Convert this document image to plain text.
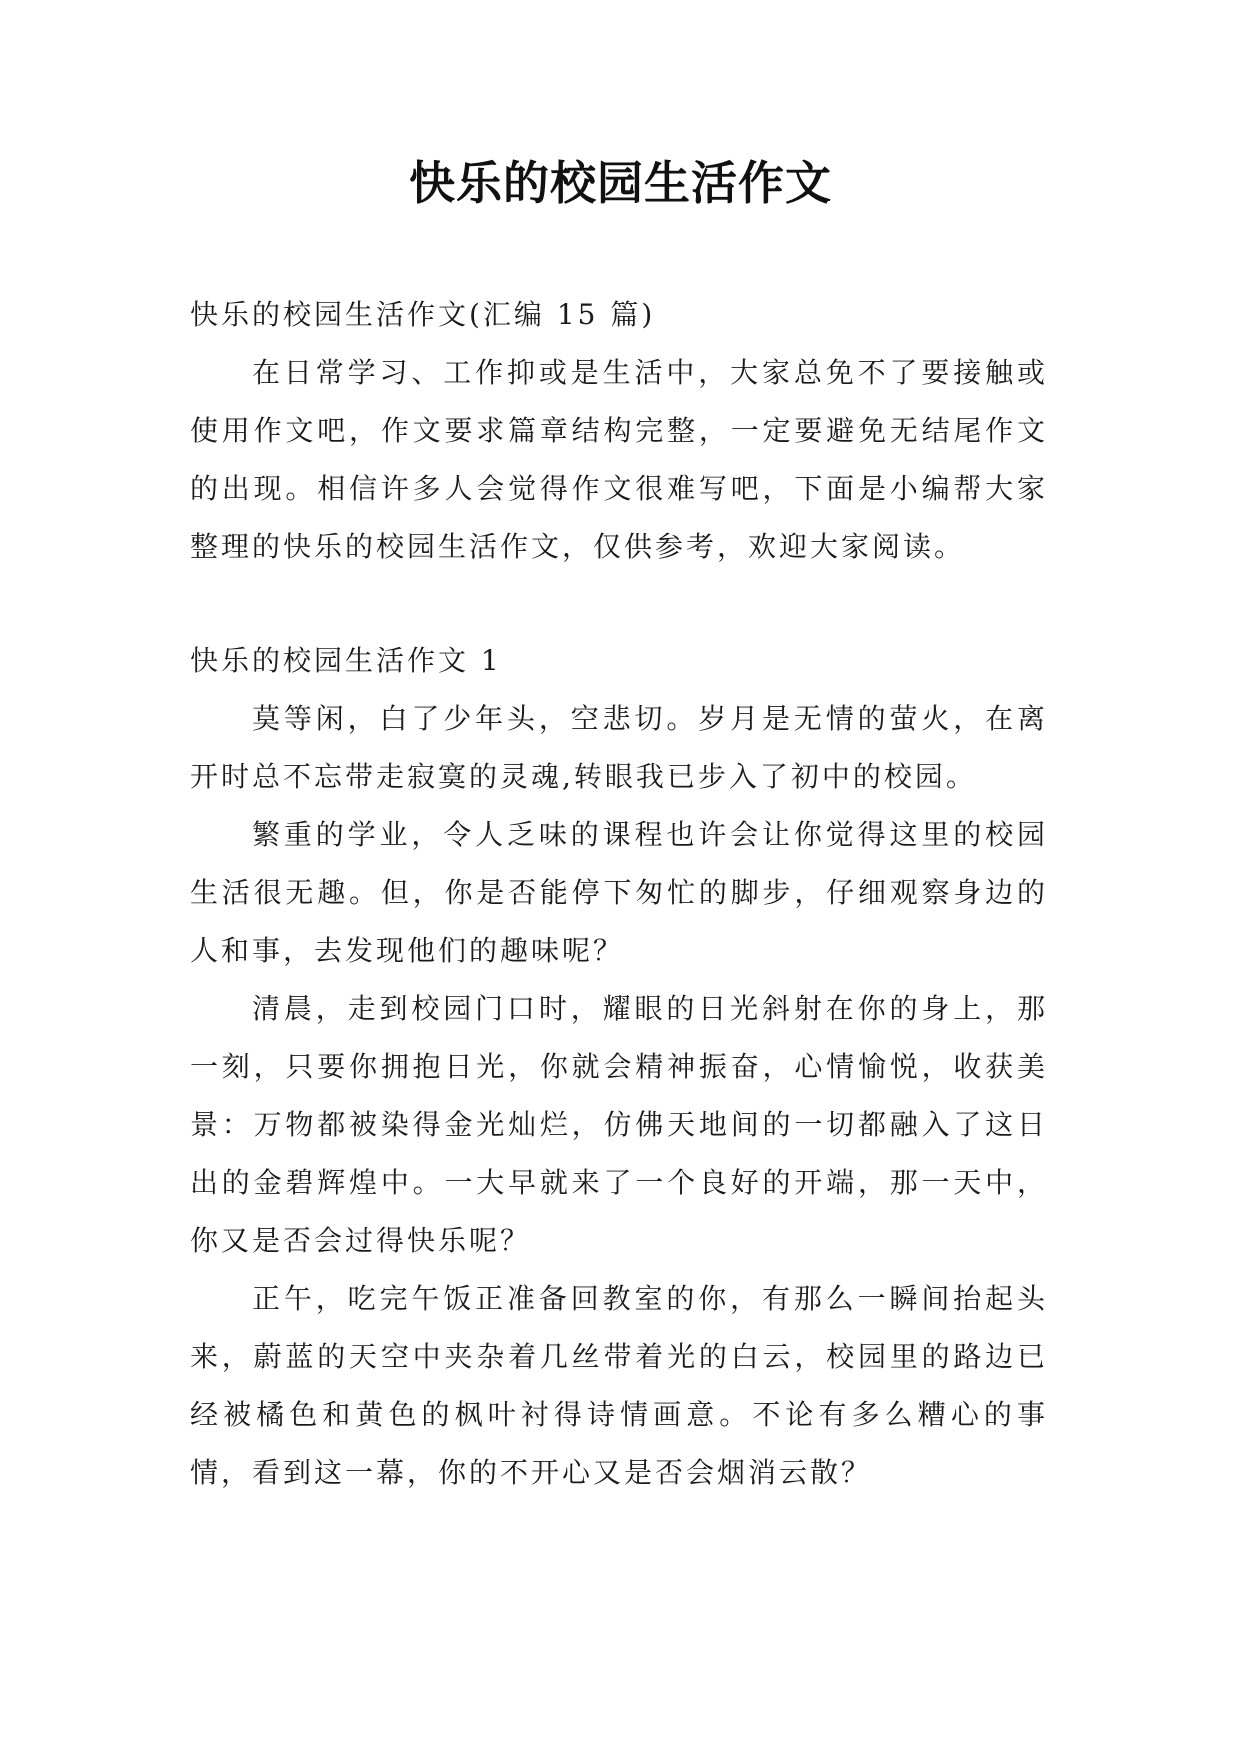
快乐的校园生活作文

快乐的校园生活作文(汇编 15 篇)

在日常学习、工作抑或是生活中，大家总免不了要接触或使用作文吧，作文要求篇章结构完整，一定要避免无结尾作文的出现。相信许多人会觉得作文很难写吧，下面是小编帮大家整理的快乐的校园生活作文，仅供参考，欢迎大家阅读。

快乐的校园生活作文 1

莫等闲，白了少年头，空悲切。岁月是无情的萤火，在离开时总不忘带走寂寞的灵魂,转眼我已步入了初中的校园。

繁重的学业，令人乏味的课程也许会让你觉得这里的校园生活很无趣。但，你是否能停下匆忙的脚步，仔细观察身边的人和事，去发现他们的趣味呢？

清晨，走到校园门口时，耀眼的日光斜射在你的身上，那一刻，只要你拥抱日光，你就会精神振奋，心情愉悦，收获美景：万物都被染得金光灿烂，仿佛天地间的一切都融入了这日出的金碧辉煌中。一大早就来了一个良好的开端，那一天中，你又是否会过得快乐呢？

正午，吃完午饭正准备回教室的你，有那么一瞬间抬起头来，蔚蓝的天空中夹杂着几丝带着光的白云，校园里的路边已经被橘色和黄色的枫叶衬得诗情画意。不论有多么糟心的事情，看到这一幕，你的不开心又是否会烟消云散？
